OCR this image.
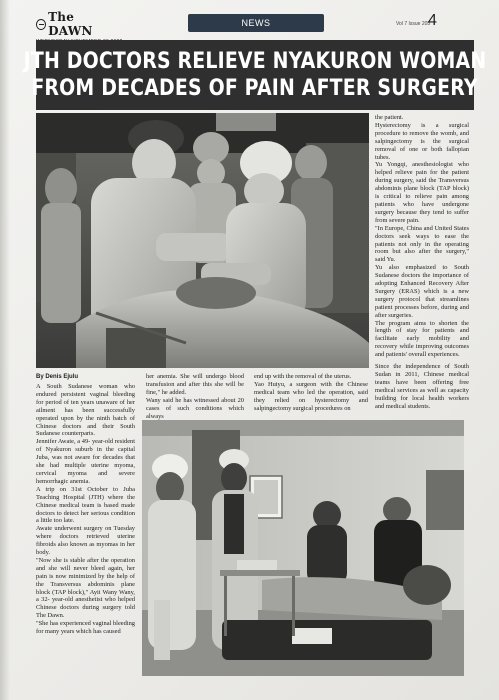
The DAWN
NEWS	Vol 7 Issue 205
4
JTH DOCTORS RELIEVE NYAKURON WOMAN
FROM DECADES OF PAIN AFTER SURGERY
By Denis Ejulu

A South Sudanese woman who endured persistent vaginal bleeding for period of ten years unaware of her ailment has been successfully operated upon by the ninth batch of Chinese doctors and their South Sudanese counterparts.

Jennifer Awate, a 49- year-old resident of Nyakuron suburb in the capital Juba, was not aware for decades that she had multiple uterine myoma, cervical myoma and severe hemorrhagic anemia.

A trip on 31st October to Juba Teaching Hospital (JTH) where the Chinese medical team is based made doctors to detect her serious condition a little too late.

Awate underwent surgery on Tuesday where doctors retrieved uterine fibroids also known as myomas in her body.

"Now she is stable after the operation and she will never bleed again, her pain is now minimized by the help of the Transversus abdominis plane block (TAP block)," Ayii Wany Wany, a 32- year-old anesthetist who helped Chinese doctors during surgery told The Dawn.

"She has experienced vaginal bleeding for many years which has caused

her anemia. She will undergo blood transfusion and after this she will be fine," he added.

Wany said he has witnessed about 20 cases of such conditions which always

end up with the removal of the uterus.

Yao Huiyu, a surgeon with the Chinese medical team who led the operation, said they relied on hysterectomy and salpingectomy surgical procedures on

the patient.

Hysterectomy is a surgical procedure to remove the womb, and salpingectomy is the surgical removal of one or both fallopian tubes.

Yu Yongqi, anesthesiologist who helped relieve pain for the patient during surgery, said the Transversus abdominis plane block (TAP block) is critical to relieve pain among patients who have undergone surgery because they tend to suffer from severe pain.

"In Europe, China and United States doctors seek ways to ease the patients not only in the operating room but also after the surgery," said Yu.

Yu also emphasized to South Sudanese doctors the importance of adopting Enhanced Recovery After Surgery (ERAS) which is a new surgery protocol that streamlines patient processes before, during and after surgeries.

The program aims to shorten the length of stay for patients and facilitate early mobility and recovery while improving outcomes and patients' overall experiences.

Since the independence of South Sudan in 2011, Chinese medical teams have been offering free medical services as well as capacity building for local health workers and medical students.
